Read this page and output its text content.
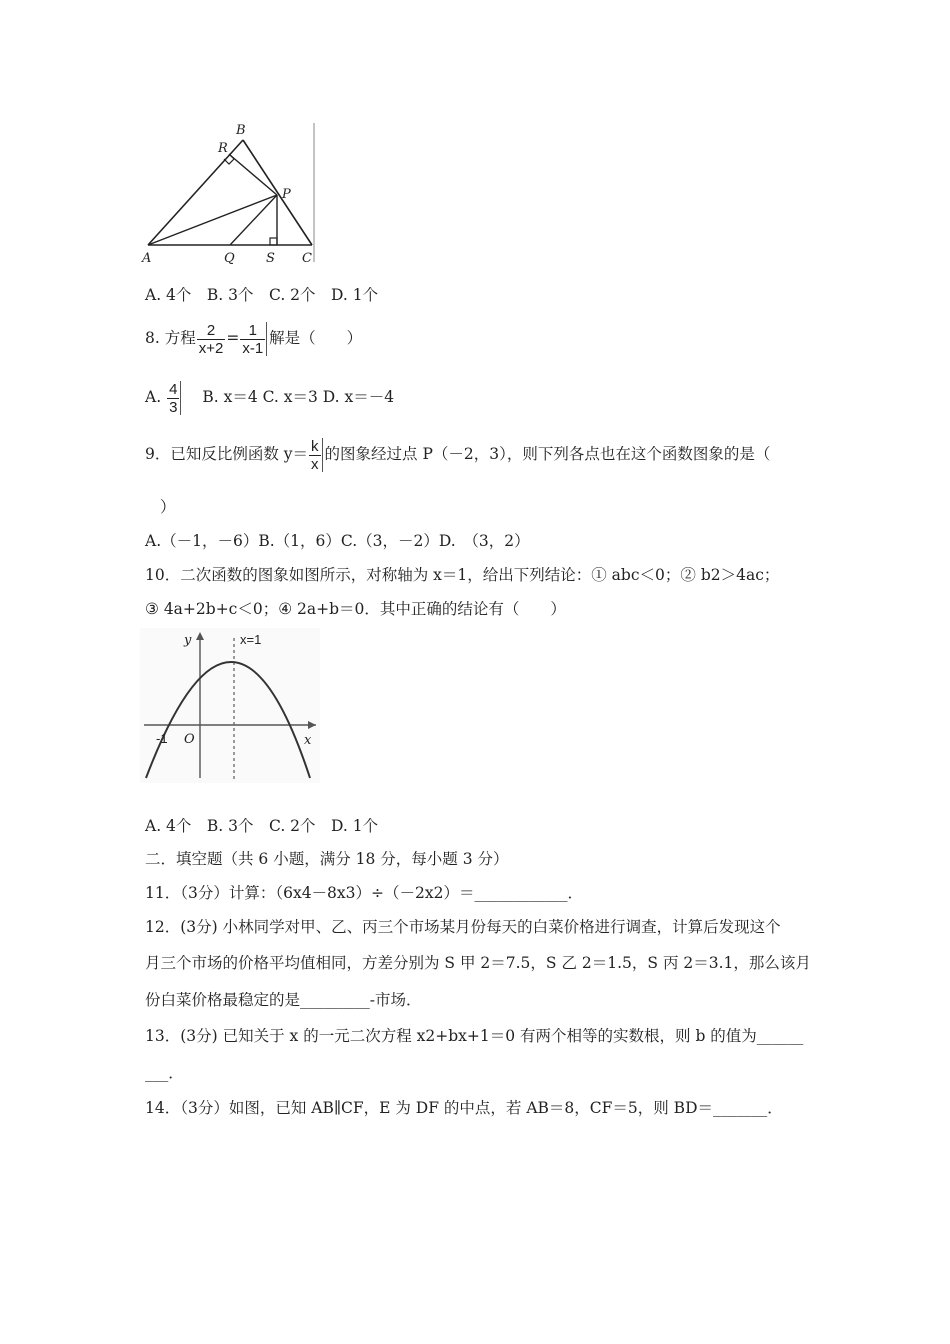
B
R
P
A	Q S C
A. 4个　B. 3个　C. 2个　D. 1个
8. 方程 $\frac{2}{x+2} = \frac{1}{x-1}$ 解是（　　）
A. $\frac{4}{3} B$. x＝4 C. x＝3 D. x＝－4
9．已知反比例函数 $y= \frac{k}{x}$ 的图象经过点 P（－2，3），则下列各点也在这个函数图象的是（
）
A.（－1，－6）B.（1，6）C.（3，－2）D.　（3，2）
10．二次函数的图象如图所示，对称轴为 x＝1，给出下列结论：① abc＜0；② b2＞4ac；
③ 4a+2b+c＜0；④ 2a+b＝0．其中正确的结论有（　　）
y	x=1
-1 O	x
A. 4个　B. 3个　C. 2个　D. 1个
二．填空题（共 6 小题，满分 18 分，每小题 3 分）
11．（3分）计算：（6x4－8x3）÷（－2x2）＝____________．
12．(3分) 小林同学对甲、乙、丙三个市场某月份每天的白菜价格进行调查，计算后发现这个
月三个市场的价格平均值相同，方差分别为 S 甲 2＝7.5，S 乙 2＝1.5，S 丙 2＝3.1，那么该月
份白菜价格最稳定的是_________-市场．
13．(3分) 已知关于 x 的一元二次方程 x2+bx+1＝0 有两个相等的实数根，则 b 的值为______
___．
14．（3分）如图，已知 AB∥CF，E 为 DF 的中点，若 AB＝8，CF＝5，则 BD＝_______．
